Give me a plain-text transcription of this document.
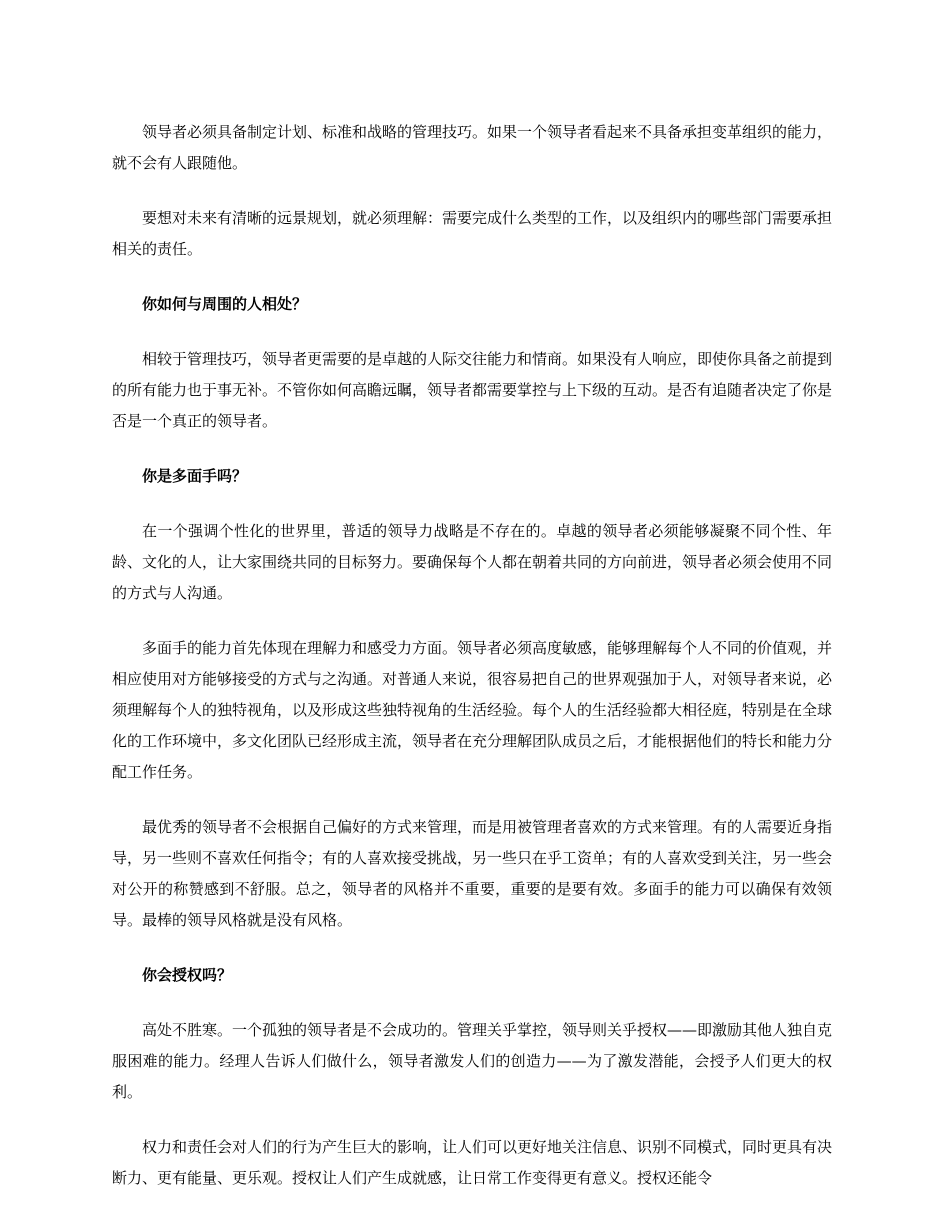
领导者必须具备制定计划、标准和战略的管理技巧。如果一个领导者看起来不具备承担变革组织的能力，就不会有人跟随他。

要想对未来有清晰的远景规划，就必须理解：需要完成什么类型的工作，以及组织内的哪些部门需要承担相关的责任。

你如何与周围的人相处？

相较于管理技巧，领导者更需要的是卓越的人际交往能力和情商。如果没有人响应，即使你具备之前提到的所有能力也于事无补。不管你如何高瞻远瞩，领导者都需要掌控与上下级的互动。是否有追随者决定了你是否是一个真正的领导者。

你是多面手吗？

在一个强调个性化的世界里，普适的领导力战略是不存在的。卓越的领导者必须能够凝聚不同个性、年龄、文化的人，让大家围绕共同的目标努力。要确保每个人都在朝着共同的方向前进，领导者必须会使用不同的方式与人沟通。

多面手的能力首先体现在理解力和感受力方面。领导者必须高度敏感，能够理解每个人不同的价值观，并相应使用对方能够接受的方式与之沟通。对普通人来说，很容易把自己的世界观强加于人，对领导者来说，必须理解每个人的独特视角，以及形成这些独特视角的生活经验。每个人的生活经验都大相径庭，特别是在全球化的工作环境中，多文化团队已经形成主流，领导者在充分理解团队成员之后，才能根据他们的特长和能力分配工作任务。

最优秀的领导者不会根据自己偏好的方式来管理，而是用被管理者喜欢的方式来管理。有的人需要近身指导，另一些则不喜欢任何指令；有的人喜欢接受挑战，另一些只在乎工资单；有的人喜欢受到关注，另一些会对公开的称赞感到不舒服。总之，领导者的风格并不重要，重要的是要有效。多面手的能力可以确保有效领导。最棒的领导风格就是没有风格。

你会授权吗？

高处不胜寒。一个孤独的领导者是不会成功的。管理关乎掌控，领导则关乎授权——即激励其他人独自克服困难的能力。经理人告诉人们做什么，领导者激发人们的创造力——为了激发潜能，会授予人们更大的权利。

权力和责任会对人们的行为产生巨大的影响，让人们可以更好地关注信息、识别不同模式，同时更具有决断力、更有能量、更乐观。授权让人们产生成就感，让日常工作变得更有意义。授权还能令
